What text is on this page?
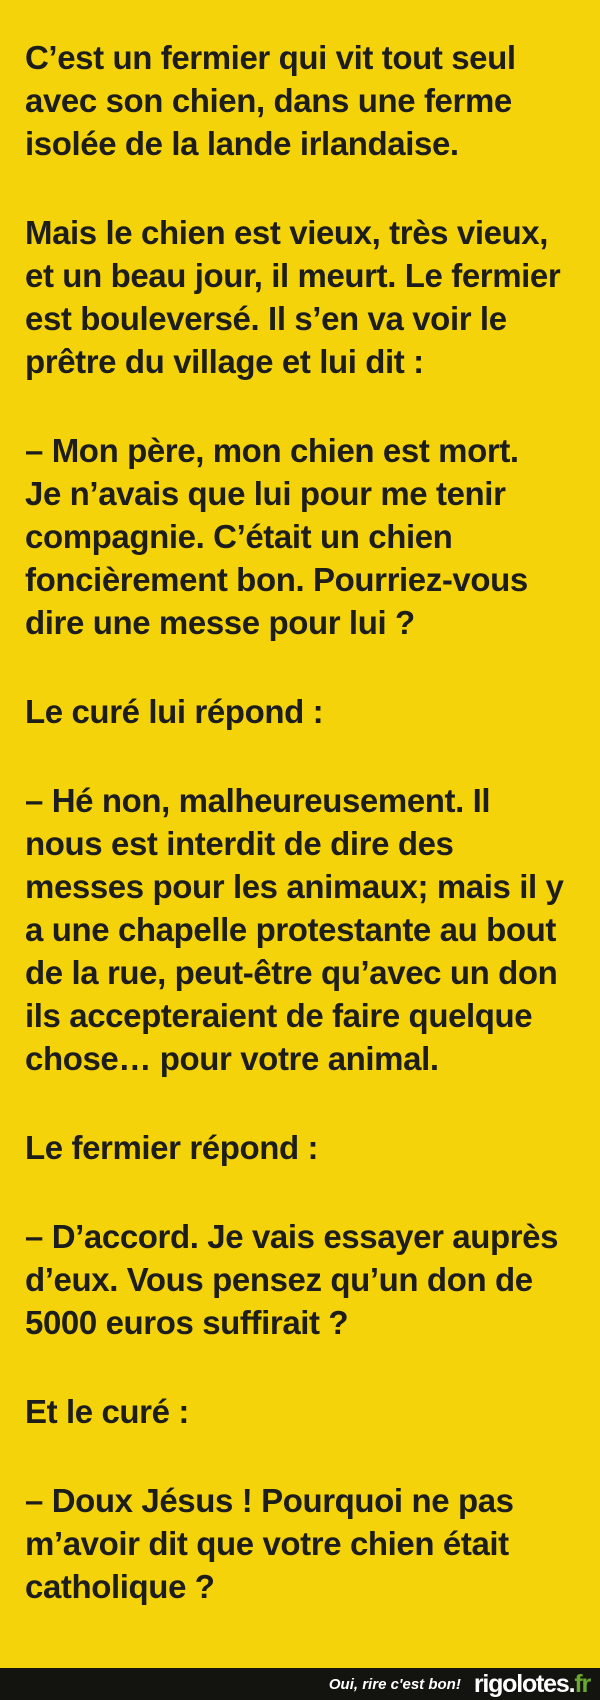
C’est un fermier qui vit tout seul
avec son chien, dans une ferme
isolée de la lande irlandaise.

Mais le chien est vieux, très vieux,
et un beau jour, il meurt. Le fermier
est bouleversé. Il s’en va voir le
prêtre du village et lui dit :

– Mon père, mon chien est mort.
Je n’avais que lui pour me tenir
compagnie. C’était un chien
foncièrement bon. Pourriez-vous
dire une messe pour lui ?

Le curé lui répond :

– Hé non, malheureusement. Il
nous est interdit de dire des
messes pour les animaux; mais il y
a une chapelle protestante au bout
de la rue, peut-être qu’avec un don
ils accepteraient de faire quelque
chose… pour votre animal.

Le fermier répond :

– D’accord. Je vais essayer auprès
d’eux. Vous pensez qu’un don de
5000 euros suffirait ?

Et le curé :

– Doux Jésus ! Pourquoi ne pas
m’avoir dit que votre chien était
catholique ?

Oui, rire c'est bon! rigolotes.fr
